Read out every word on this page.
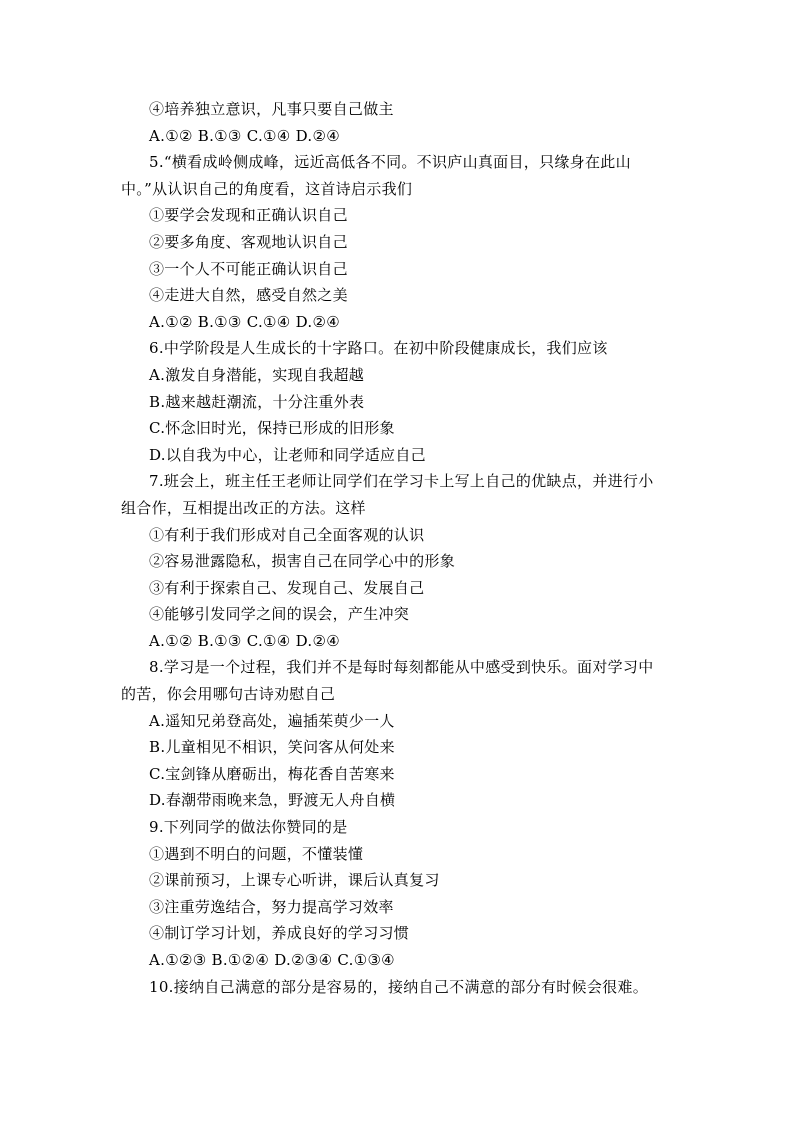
④培养独立意识，凡事只要自己做主
A.①② B.①③ C.①④ D.②④
5.“横看成岭侧成峰，远近高低各不同。不识庐山真面目，只缘身在此山
中。”从认识自己的角度看，这首诗启示我们
①要学会发现和正确认识自己
②要多角度、客观地认识自己
③一个人不可能正确认识自己
④走进大自然，感受自然之美
A.①② B.①③ C.①④ D.②④
6.中学阶段是人生成长的十字路口。在初中阶段健康成长，我们应该
A.激发自身潜能，实现自我超越
B.越来越赶潮流，十分注重外表
C.怀念旧时光，保持已形成的旧形象
D.以自我为中心，让老师和同学适应自己
7.班会上，班主任王老师让同学们在学习卡上写上自己的优缺点，并进行小
组合作，互相提出改正的方法。这样
①有利于我们形成对自己全面客观的认识
②容易泄露隐私，损害自己在同学心中的形象
③有利于探索自己、发现自己、发展自己
④能够引发同学之间的误会，产生冲突
A.①② B.①③ C.①④ D.②④
8.学习是一个过程，我们并不是每时每刻都能从中感受到快乐。面对学习中
的苦，你会用哪句古诗劝慰自己
A.遥知兄弟登高处，遍插茱萸少一人
B.儿童相见不相识，笑问客从何处来
C.宝剑锋从磨砺出，梅花香自苦寒来
D.春潮带雨晚来急，野渡无人舟自横
9.下列同学的做法你赞同的是
①遇到不明白的问题，不懂装懂
②课前预习，上课专心听讲，课后认真复习
③注重劳逸结合，努力提高学习效率
④制订学习计划，养成良好的学习习惯
A.①②③ B.①②④ D.②③④ C.①③④
10.接纳自己满意的部分是容易的，接纳自己不满意的部分有时候会很难。
